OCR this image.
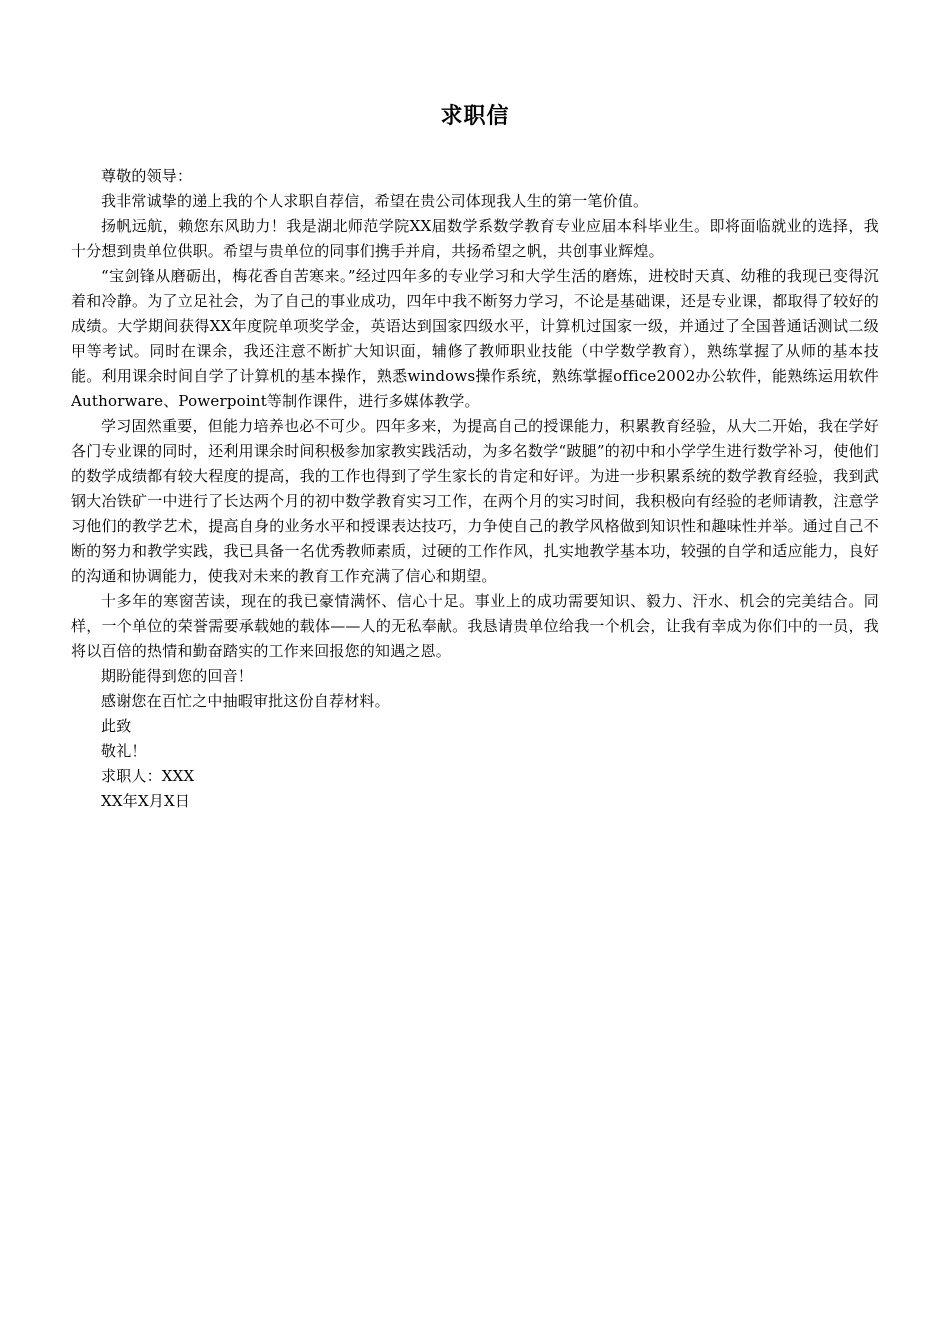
求职信

尊敬的领导：

我非常诚挚的递上我的个人求职自荐信，希望在贵公司体现我人生的第一笔价值。

扬帆远航，赖您东风助力！我是湖北师范学院XX届数学系数学教育专业应届本科毕业生。即将面临就业的选择，我十分想到贵单位供职。希望与贵单位的同事们携手并肩，共扬希望之帆，共创事业辉煌。

“宝剑锋从磨砺出，梅花香自苦寒来。”经过四年多的专业学习和大学生活的磨炼，进校时天真、幼稚的我现已变得沉着和冷静。为了立足社会，为了自己的事业成功，四年中我不断努力学习，不论是基础课，还是专业课，都取得了较好的成绩。大学期间获得XX年度院单项奖学金，英语达到国家四级水平，计算机过国家一级，并通过了全国普通话测试二级甲等考试。同时在课余，我还注意不断扩大知识面，辅修了教师职业技能（中学数学教育），熟练掌握了从师的基本技能。利用课余时间自学了计算机的基本操作，熟悉windows操作系统，熟练掌握office2002办公软件，能熟练运用软件Authorware、Powerpoint等制作课件，进行多媒体教学。

学习固然重要，但能力培养也必不可少。四年多来，为提高自己的授课能力，积累教育经验，从大二开始，我在学好各门专业课的同时，还利用课余时间积极参加家教实践活动，为多名数学“跛腿”的初中和小学学生进行数学补习，使他们的数学成绩都有较大程度的提高，我的工作也得到了学生家长的肯定和好评。为进一步积累系统的数学教育经验，我到武钢大冶铁矿一中进行了长达两个月的初中数学教育实习工作，在两个月的实习时间，我积极向有经验的老师请教，注意学习他们的教学艺术，提高自身的业务水平和授课表达技巧，力争使自己的教学风格做到知识性和趣味性并举。通过自己不断的努力和教学实践，我已具备一名优秀教师素质，过硬的工作作风，扎实地教学基本功，较强的自学和适应能力，良好的沟通和协调能力，使我对未来的教育工作充满了信心和期望。

十多年的寒窗苦读，现在的我已豪情满怀、信心十足。事业上的成功需要知识、毅力、汗水、机会的完美结合。同样，一个单位的荣誉需要承载她的载体——人的无私奉献。我恳请贵单位给我一个机会，让我有幸成为你们中的一员，我将以百倍的热情和勤奋踏实的工作来回报您的知遇之恩。

期盼能得到您的回音！

感谢您在百忙之中抽暇审批这份自荐材料。

此致

敬礼！

求职人：XXX

XX年X月X日
